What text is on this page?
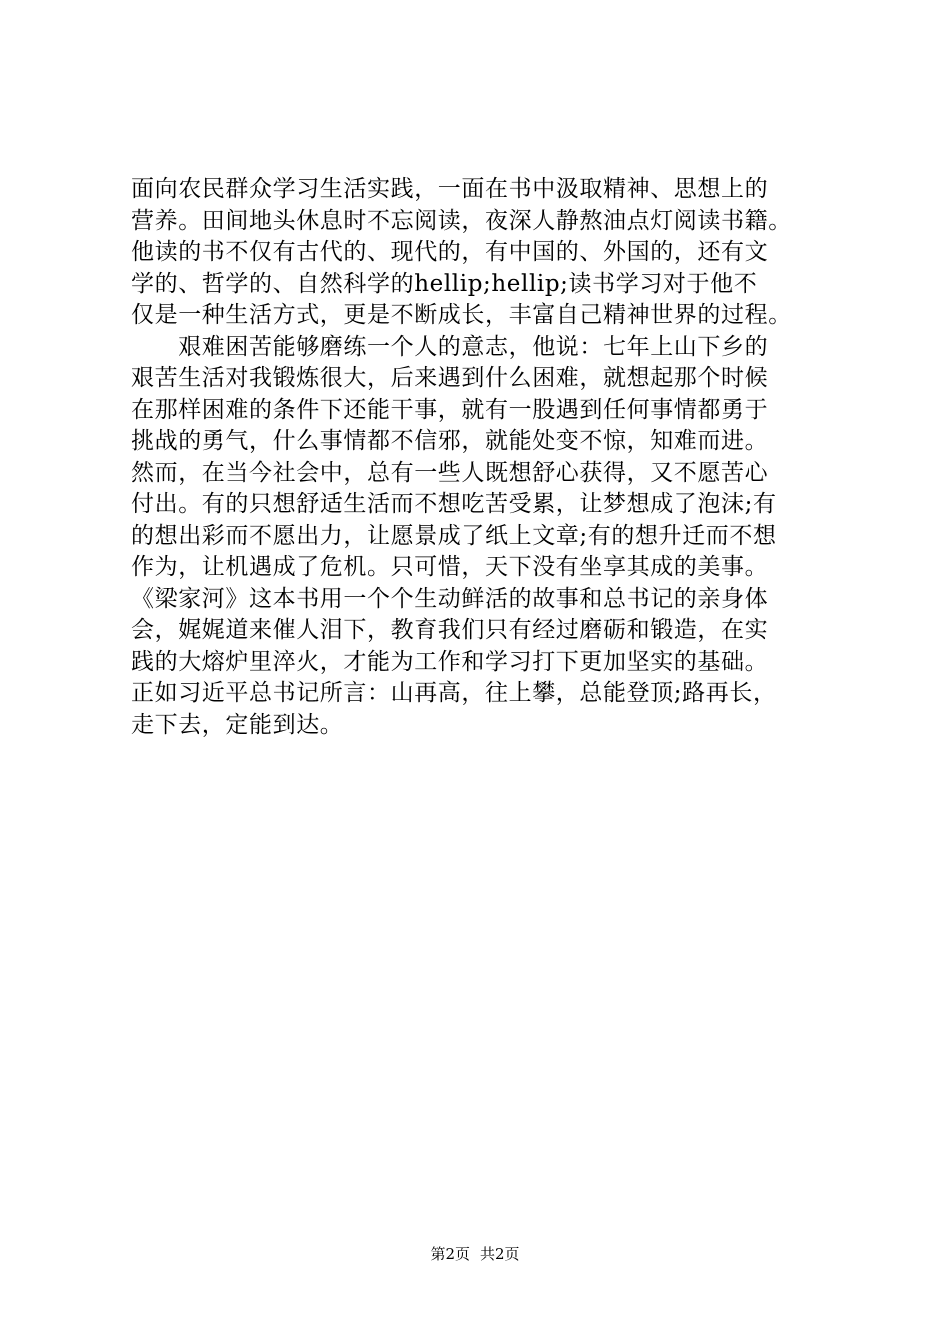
面向农民群众学习生活实践，一面在书中汲取精神、思想上的
营养。田间地头休息时不忘阅读，夜深人静熬油点灯阅读书籍。
他读的书不仅有古代的、现代的，有中国的、外国的，还有文
学的、哲学的、自然科学的hellip;hellip;读书学习对于他不
仅是一种生活方式，更是不断成长，丰富自己精神世界的过程。
　　艰难困苦能够磨练一个人的意志，他说：七年上山下乡的
艰苦生活对我锻炼很大，后来遇到什么困难，就想起那个时候
在那样困难的条件下还能干事，就有一股遇到任何事情都勇于
挑战的勇气，什么事情都不信邪，就能处变不惊，知难而进。
然而，在当今社会中，总有一些人既想舒心获得，又不愿苦心
付出。有的只想舒适生活而不想吃苦受累，让梦想成了泡沫;有
的想出彩而不愿出力，让愿景成了纸上文章;有的想升迁而不想
作为，让机遇成了危机。只可惜，天下没有坐享其成的美事。
《梁家河》这本书用一个个生动鲜活的故事和总书记的亲身体
会，娓娓道来催人泪下，教育我们只有经过磨砺和锻造，在实
践的大熔炉里淬火，才能为工作和学习打下更加坚实的基础。
正如习近平总书记所言：山再高，往上攀，总能登顶;路再长，
走下去，定能到达。
第2页 共2页
